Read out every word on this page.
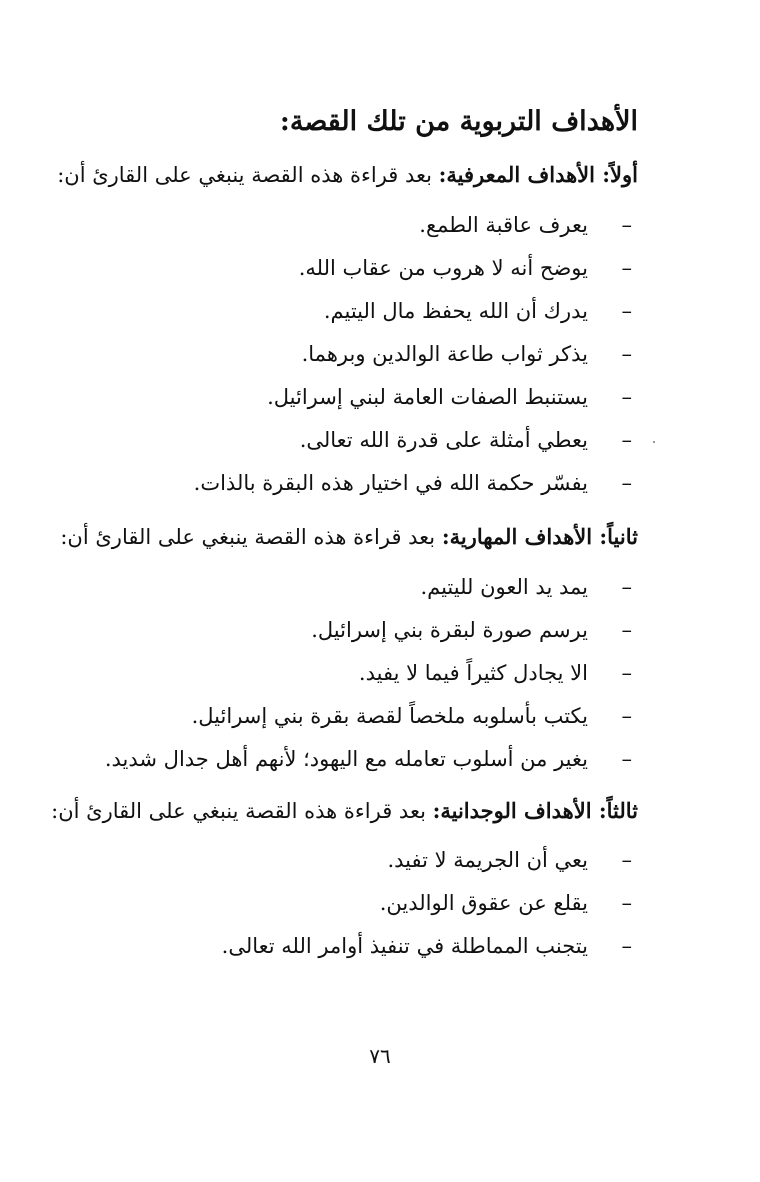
الأهداف التربوية من تلك القصة:
أولاً: الأهداف المعرفية: بعد قراءة هذه القصة ينبغي على القارئ أن:
–
يعرف عاقبة الطمع.
–
يوضح أنه لا هروب من عقاب الله.
–
يدرك أن الله يحفظ مال اليتيم.
–
يذكر ثواب طاعة الوالدين وبرهما.
–
يستنبط الصفات العامة لبني إسرائيل.
–
يعطي أمثلة على قدرة الله تعالى.
–
يفسّر حكمة الله في اختيار هذه البقرة بالذات.
ثانياً: الأهداف المهارية: بعد قراءة هذه القصة ينبغي على القارئ أن:
–
يمد يد العون لليتيم.
–
يرسم صورة لبقرة بني إسرائيل.
–
الا يجادل كثيراً فيما لا يفيد.
–
يكتب بأسلوبه ملخصاً لقصة بقرة بني إسرائيل.
–
يغير من أسلوب تعامله مع اليهود؛ لأنهم أهل جدال شديد.
ثالثاً: الأهداف الوجدانية: بعد قراءة هذه القصة ينبغي على القارئ أن:
–
يعي أن الجريمة لا تفيد.
–
يقلع عن عقوق الوالدين.
–
يتجنب المماطلة في تنفيذ أوامر الله تعالى.
٧٦
